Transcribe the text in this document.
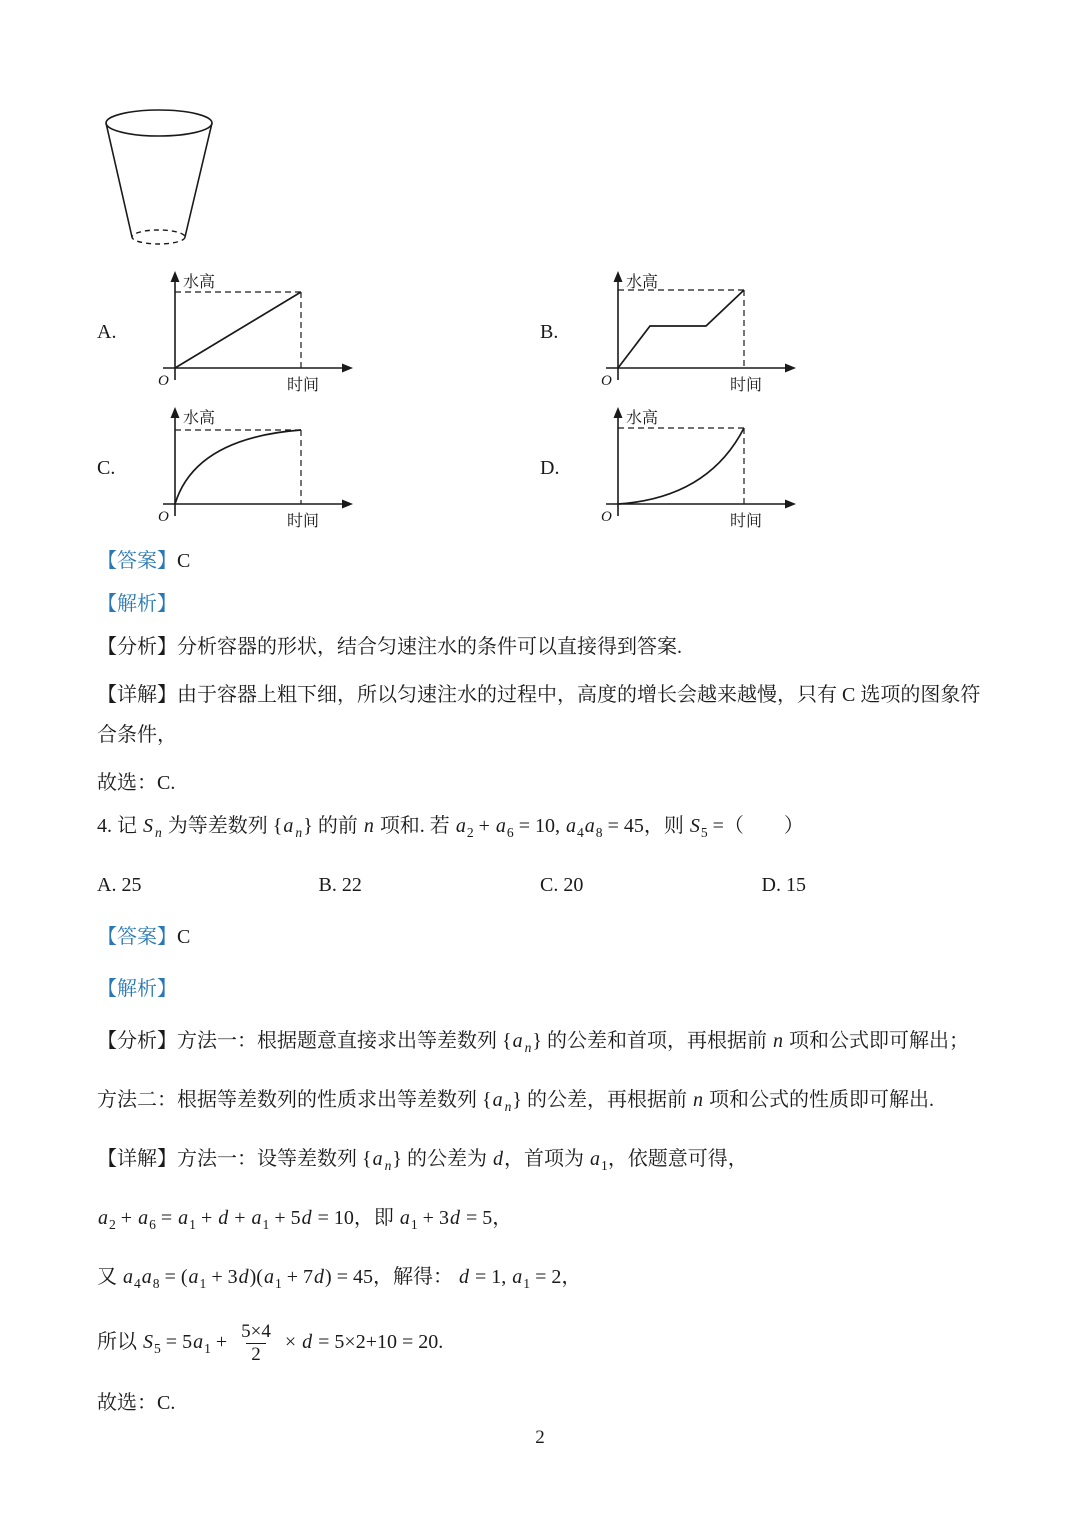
A.
水高
时间
O
B.
水高
时间
O
C.
水高
时间
O
D.
水高
时间
O

【答案】C

【解析】

【分析】分析容器的形状，结合匀速注水的条件可以直接得到答案.

【详解】由于容器上粗下细，所以匀速注水的过程中，高度的增长会越来越慢，只有 C 选项的图象符合条件，

故选：C.

4. 记 S $_n$ 为等差数列 {a $_n$} 的前 n 项和. 若 $a_2 + a_6 = 10$, $a_4a_8 = 45$，则 $S_5$ =（　　）

A. 25	B. 22	C. 20	D. 15

【答案】C

【解析】

【分析】方法一：根据题意直接求出等差数列 {a $_n$} 的公差和首项，再根据前 n 项和公式即可解出；

方法二：根据等差数列的性质求出等差数列 {a $_n$} 的公差，再根据前 n 项和公式的性质即可解出.

【详解】方法一：设等差数列 {a $_n$} 的公差为 d，首项为 $a_1$，依题意可得，

$a_2 + a_6 = a_1 + d + a_1 + 5d = 10$，即 $a_1 + 3d = 5$，

又 $a_4a_8 = (a_1 + 3d)(a_1 + 7d) = 45$，解得： d = 1, $a_1 = 2$，

所以 $S_5 = 5a_1 + \frac{5\times 4}{2} \times d = 5\times 2+10 = 20$.

故选：C.

2
